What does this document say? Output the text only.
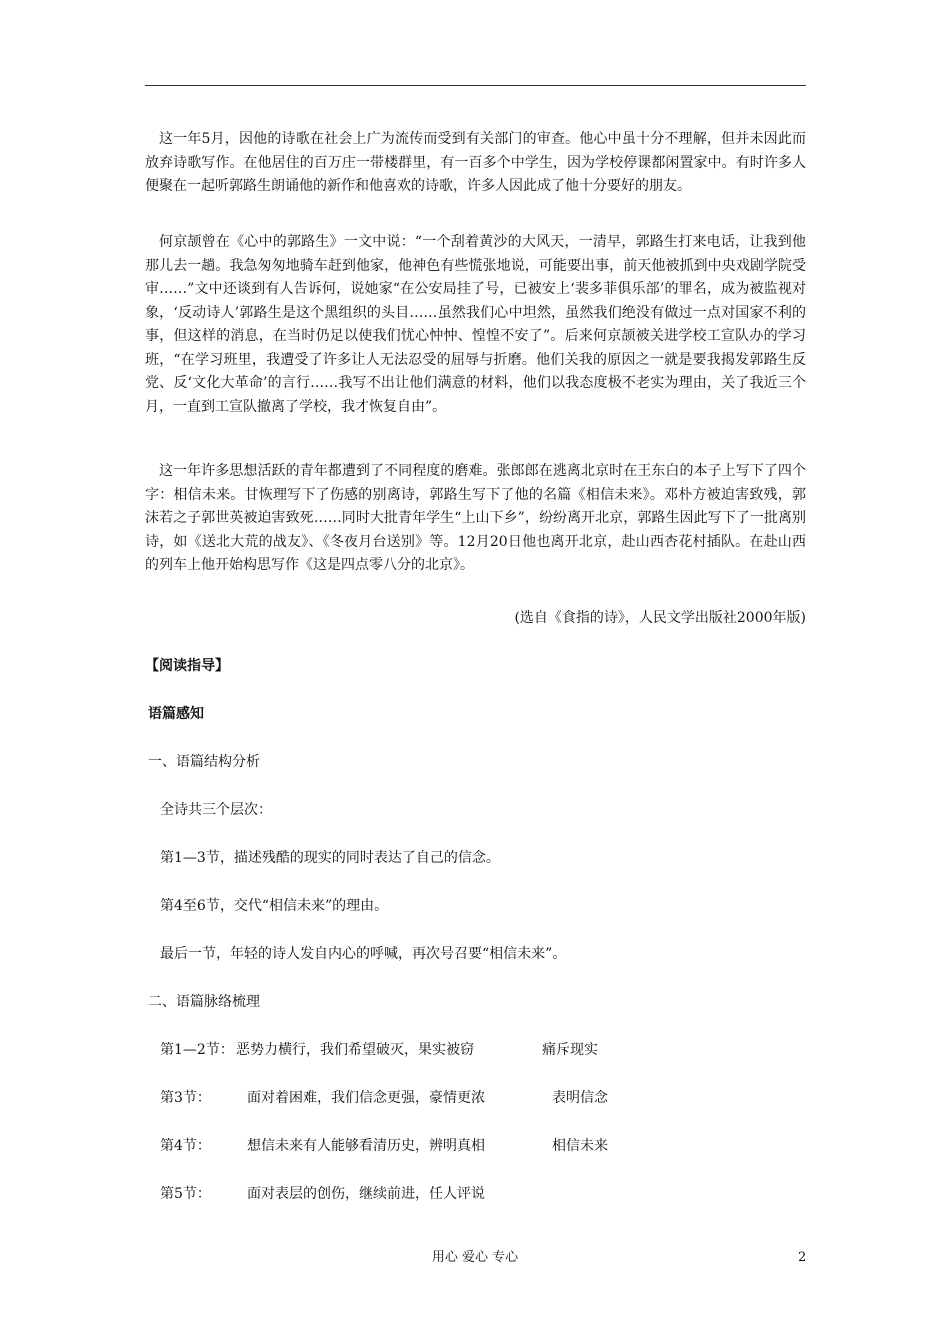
这一年5月，因他的诗歌在社会上广为流传而受到有关部门的审查。他心中虽十分不理解，但并未因此而放弃诗歌写作。在他居住的百万庄一带楼群里，有一百多个中学生，因为学校停课都闲置家中。有时许多人便聚在一起听郭路生朗诵他的新作和他喜欢的诗歌，许多人因此成了他十分要好的朋友。

何京颉曾在《心中的郭路生》一文中说：“一个刮着黄沙的大风天，一清早，郭路生打来电话，让我到他那儿去一趟。我急匆匆地骑车赶到他家，他神色有些慌张地说，可能要出事，前天他被抓到中央戏剧学院受审……”文中还谈到有人告诉何，说她家“在公安局挂了号，已被安上‘裴多菲俱乐部’的罪名，成为被监视对象，‘反动诗人’郭路生是这个黑组织的头目……虽然我们心中坦然，虽然我们绝没有做过一点对国家不利的事，但这样的消息，在当时仍足以使我们忧心忡忡、惶惶不安了”。后来何京颉被关进学校工宣队办的学习班，“在学习班里，我遭受了许多让人无法忍受的屈辱与折磨。他们关我的原因之一就是要我揭发郭路生反党、反‘文化大革命’的言行……我写不出让他们满意的材料，他们以我态度极不老实为理由，关了我近三个月，一直到工宣队撤离了学校，我才恢复自由”。

这一年许多思想活跃的青年都遭到了不同程度的磨难。张郎郎在逃离北京时在王东白的本子上写下了四个字：相信未来。甘恢理写下了伤感的别离诗，郭路生写下了他的名篇《相信未来》。邓朴方被迫害致残，郭沫若之子郭世英被迫害致死……同时大批青年学生“上山下乡”，纷纷离开北京，郭路生因此写下了一批离别诗，如《送北大荒的战友》、《冬夜月台送别》等。12月20日他也离开北京，赴山西杏花村插队。在赴山西的列车上他开始构思写作《这是四点零八分的北京》。

(选自《食指的诗》，人民文学出版社2000年版)
【阅读指导】
语篇感知
一、语篇结构分析
全诗共三个层次：
第1—3节，描述残酷的现实的同时表达了自己的信念。
第4至6节，交代“相信未来”的理由。
最后一节，年轻的诗人发自内心的呼喊，再次号召要“相信未来”。
二、语篇脉络梳理
第1—2节： 恶势力横行，我们希望破灭，果实被窃	痛斥现实
第3节：	面对着困难，我们信念更强，豪情更浓	表明信念
第4节：	想信未来有人能够看清历史，辨明真相	相信未来
第5节：	面对表层的创伤，继续前进，任人评说
用心 爱心 专心	2
